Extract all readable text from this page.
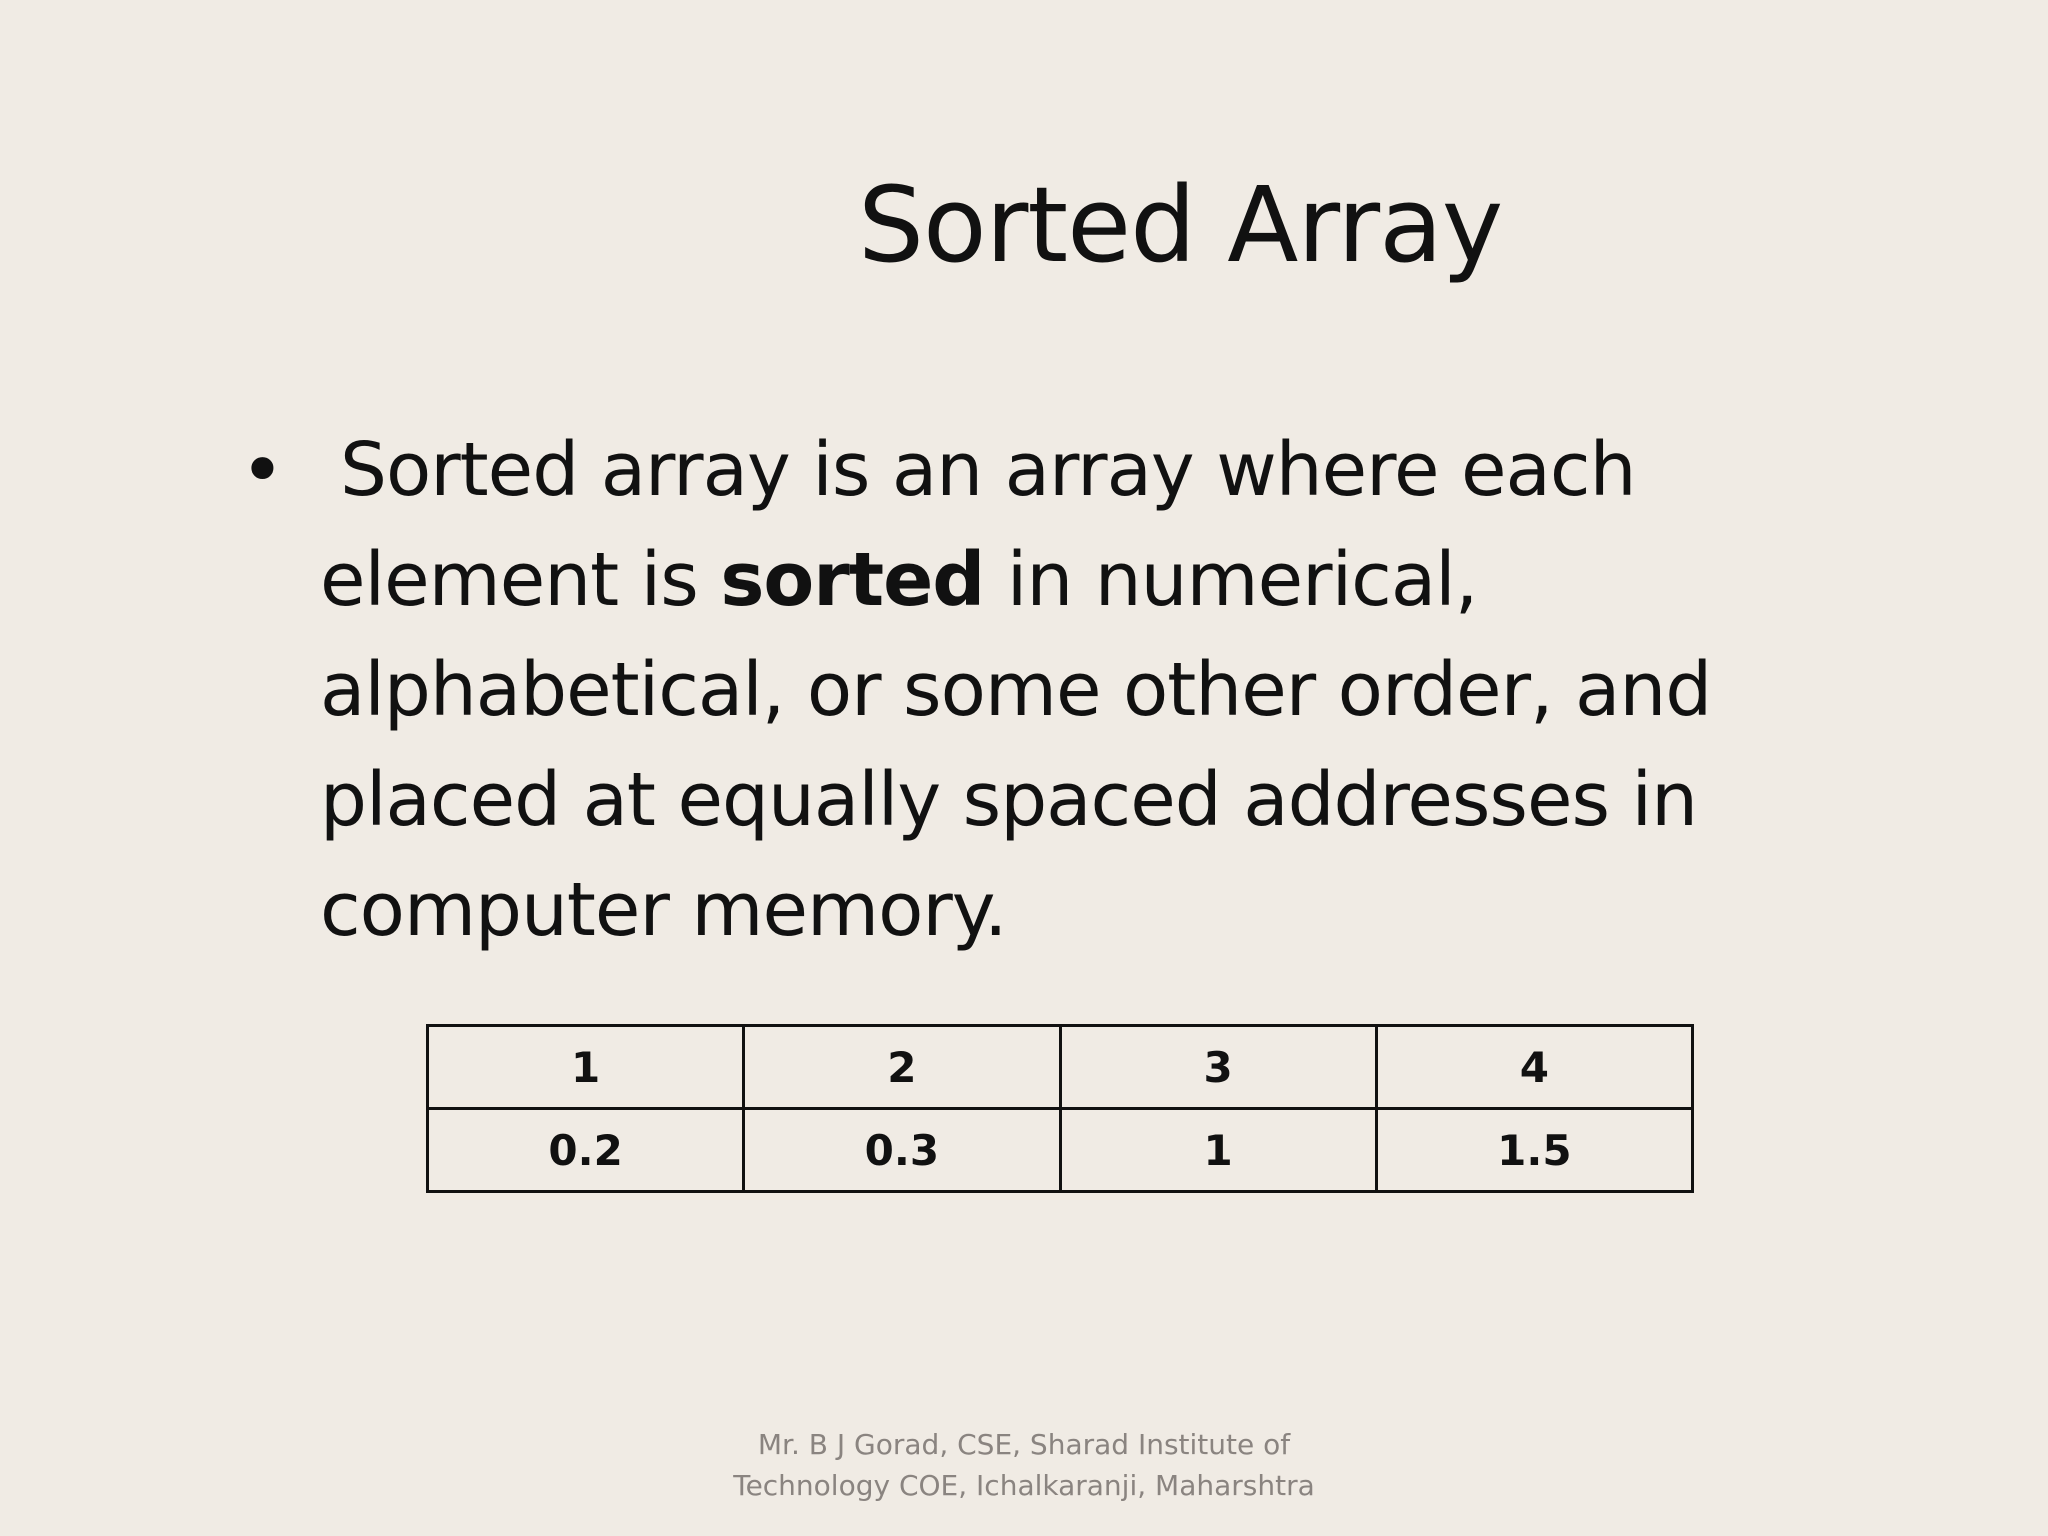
Sorted Array
• Sorted array is an array where each
element is sorted in numerical,
alphabetical, or some other order, and
placed at equally spaced addresses in
computer memory.
1	2	3	4
0.2	0.3	1	1.5
Mr. B J Gorad, CSE, Sharad Institute of
Technology COE, Ichalkaranji, Maharshtra
